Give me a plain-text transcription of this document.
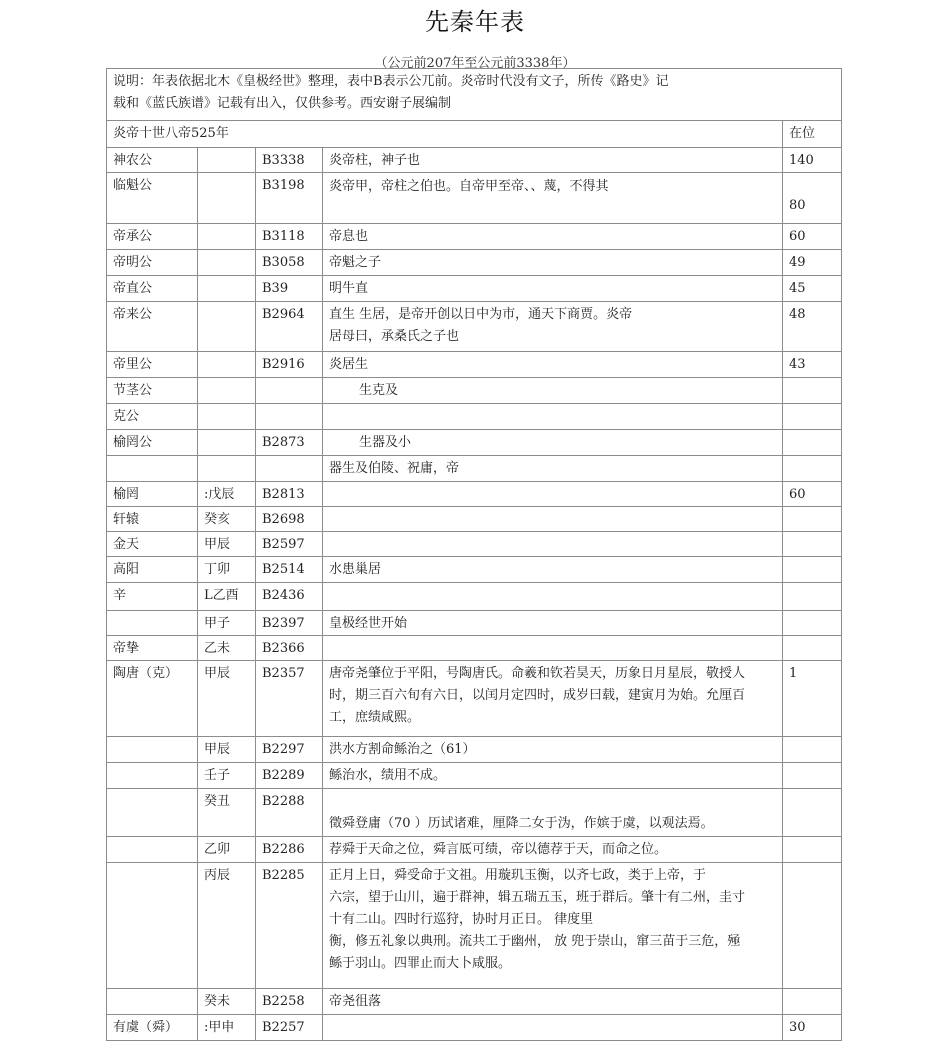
先秦年表
（公元前207年至公元前3338年）
说明：年表依据北木《皇极经世》整理，表中B表示公兀前。炎帝时代没有文子，所传《路史》记
载和《蓝氏族谱》记载有出入，仅供参考。西安谢子展编制				

炎帝十世八帝525年				在位
神农公		B3338	炎帝柱，神子也	140
临魁公		B3198	炎帝甲，帝柱之伯也。自帝甲至帝、、蔑，不得其	80
帝承公		B3118	帝息也	60
帝明公		B3058	帝魁之子	49
帝直公		B39	明牛直	45
帝来公		B2964	直生 生居，是帝开创以日中为市，通天下商贾。炎帝
居母曰，承桑氏之子也	48
帝里公		B2916	炎居生	43
节茎公			生克及	

克公				
榆罔公		B2873	生器及小	

			器生及伯陵、祝庸，帝	

榆罔	:戊辰	B2813		60
轩辕	癸亥	B2698		
金天	甲辰	B2597		
高阳	丁卯	B2514	水患巢居	

辛	L乙酉	B2436		
	甲子	B2397	皇极经世开始	

帝挚	乙未	B2366		
陶唐（克）	甲辰	B2357	唐帝尧肇位于平阳，号陶唐氏。命羲和钦若昊天，历象日月星辰，敬授人
时，期三百六旬有六日，以闰月定四时，成岁曰载，建寅月为始。允厘百
工，庶绩咸熙。	1
	甲辰	B2297	洪水方割命鲧治之（61）	

	壬子	B2289	鲧治水，绩用不成。	

	癸丑	B2288	徵舜登庸（70 ）历试诸难，厘降二女于沩，作嫔于虞，以观法焉。	

	乙卯	B2286	荐舜于天命之位，舜言厎可绩，帝以德荐于天，而命之位。	

	丙辰	B2285	正月上日，舜受命于文祖。用璇玑玉衡，以齐七政，类于上帝，于
六宗，望于山川，遍于群神，辑五瑞五玉，班于群后。肇十有二州，圭寸
十有二山。四时行巡狩，协时月正日。 律度里
衡，修五礼象以典刑。流共工于幽州， 放 兜于崇山，窜三苗于三危，殛
鲧于羽山。四罪止而大卜咸服。	

	癸未	B2258	帝尧徂落	

有虞（舜）	:甲申	B2257		30
